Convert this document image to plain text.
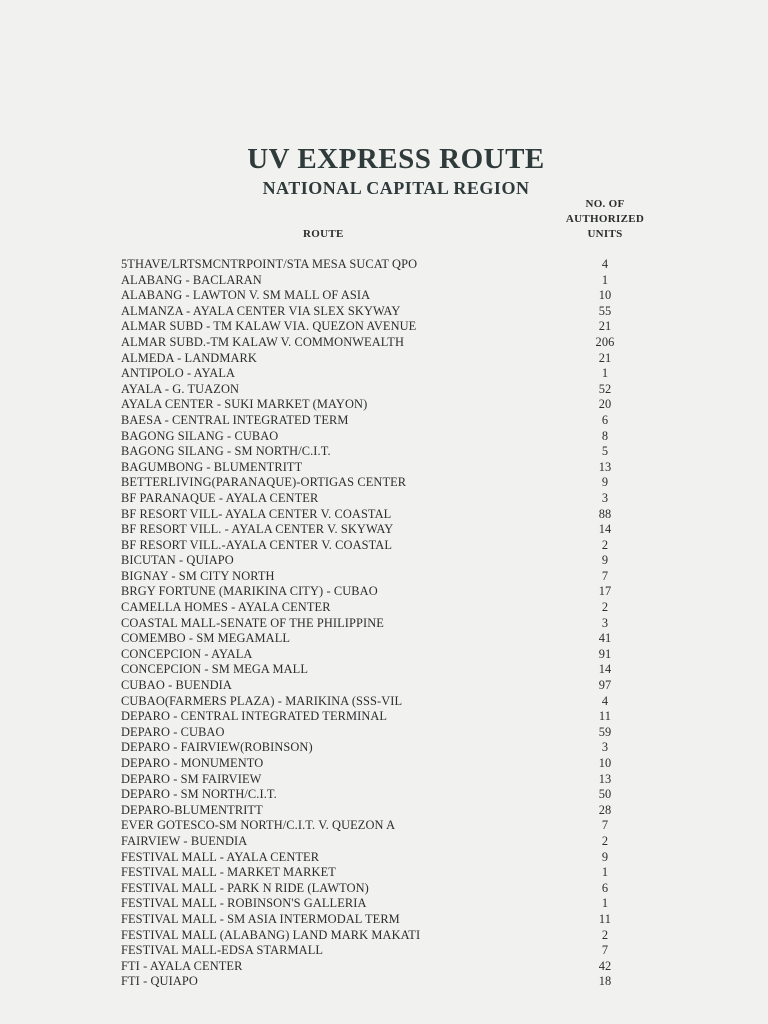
UV EXPRESS ROUTE
NATIONAL CAPITAL REGION
NO. OF
AUTHORIZED
UNITS
ROUTE
5THAVE/LRTSMCNTRPOINT/STA MESA SUCAT QPO	4
ALABANG - BACLARAN	1
ALABANG - LAWTON V. SM MALL OF ASIA	10
ALMANZA - AYALA CENTER VIA SLEX SKYWAY	55
ALMAR SUBD - TM KALAW VIA. QUEZON AVENUE	21
ALMAR SUBD.-TM KALAW V. COMMONWEALTH	206
ALMEDA - LANDMARK	21
ANTIPOLO - AYALA	1
AYALA - G. TUAZON	52
AYALA CENTER - SUKI MARKET (MAYON)	20
BAESA - CENTRAL INTEGRATED TERM	6
BAGONG SILANG - CUBAO	8
BAGONG SILANG - SM NORTH/C.I.T.	5
BAGUMBONG - BLUMENTRITT	13
BETTERLIVING(PARANAQUE)-ORTIGAS CENTER	9
BF PARANAQUE - AYALA CENTER	3
BF RESORT VILL- AYALA CENTER V. COASTAL	88
BF RESORT VILL. - AYALA CENTER V. SKYWAY	14
BF RESORT VILL.-AYALA CENTER V. COASTAL	2
BICUTAN - QUIAPO	9
BIGNAY - SM CITY NORTH	7
BRGY FORTUNE (MARIKINA CITY) - CUBAO	17
CAMELLA HOMES - AYALA CENTER	2
COASTAL MALL-SENATE OF THE PHILIPPINE	3
COMEMBO - SM MEGAMALL	41
CONCEPCION - AYALA	91
CONCEPCION - SM MEGA MALL	14
CUBAO - BUENDIA	97
CUBAO(FARMERS PLAZA) - MARIKINA (SSS-VIL	4
DEPARO - CENTRAL INTEGRATED TERMINAL	11
DEPARO - CUBAO	59
DEPARO - FAIRVIEW(ROBINSON)	3
DEPARO - MONUMENTO	10
DEPARO - SM FAIRVIEW	13
DEPARO - SM NORTH/C.I.T.	50
DEPARO-BLUMENTRITT	28
EVER GOTESCO-SM NORTH/C.I.T. V. QUEZON A	7
FAIRVIEW - BUENDIA	2
FESTIVAL MALL - AYALA CENTER	9
FESTIVAL MALL - MARKET MARKET	1
FESTIVAL MALL - PARK N RIDE (LAWTON)	6
FESTIVAL MALL - ROBINSON'S GALLERIA	1
FESTIVAL MALL - SM ASIA INTERMODAL TERM	11
FESTIVAL MALL (ALABANG) LAND MARK MAKATI	2
FESTIVAL MALL-EDSA STARMALL	7
FTI - AYALA CENTER	42
FTI - QUIAPO	18
